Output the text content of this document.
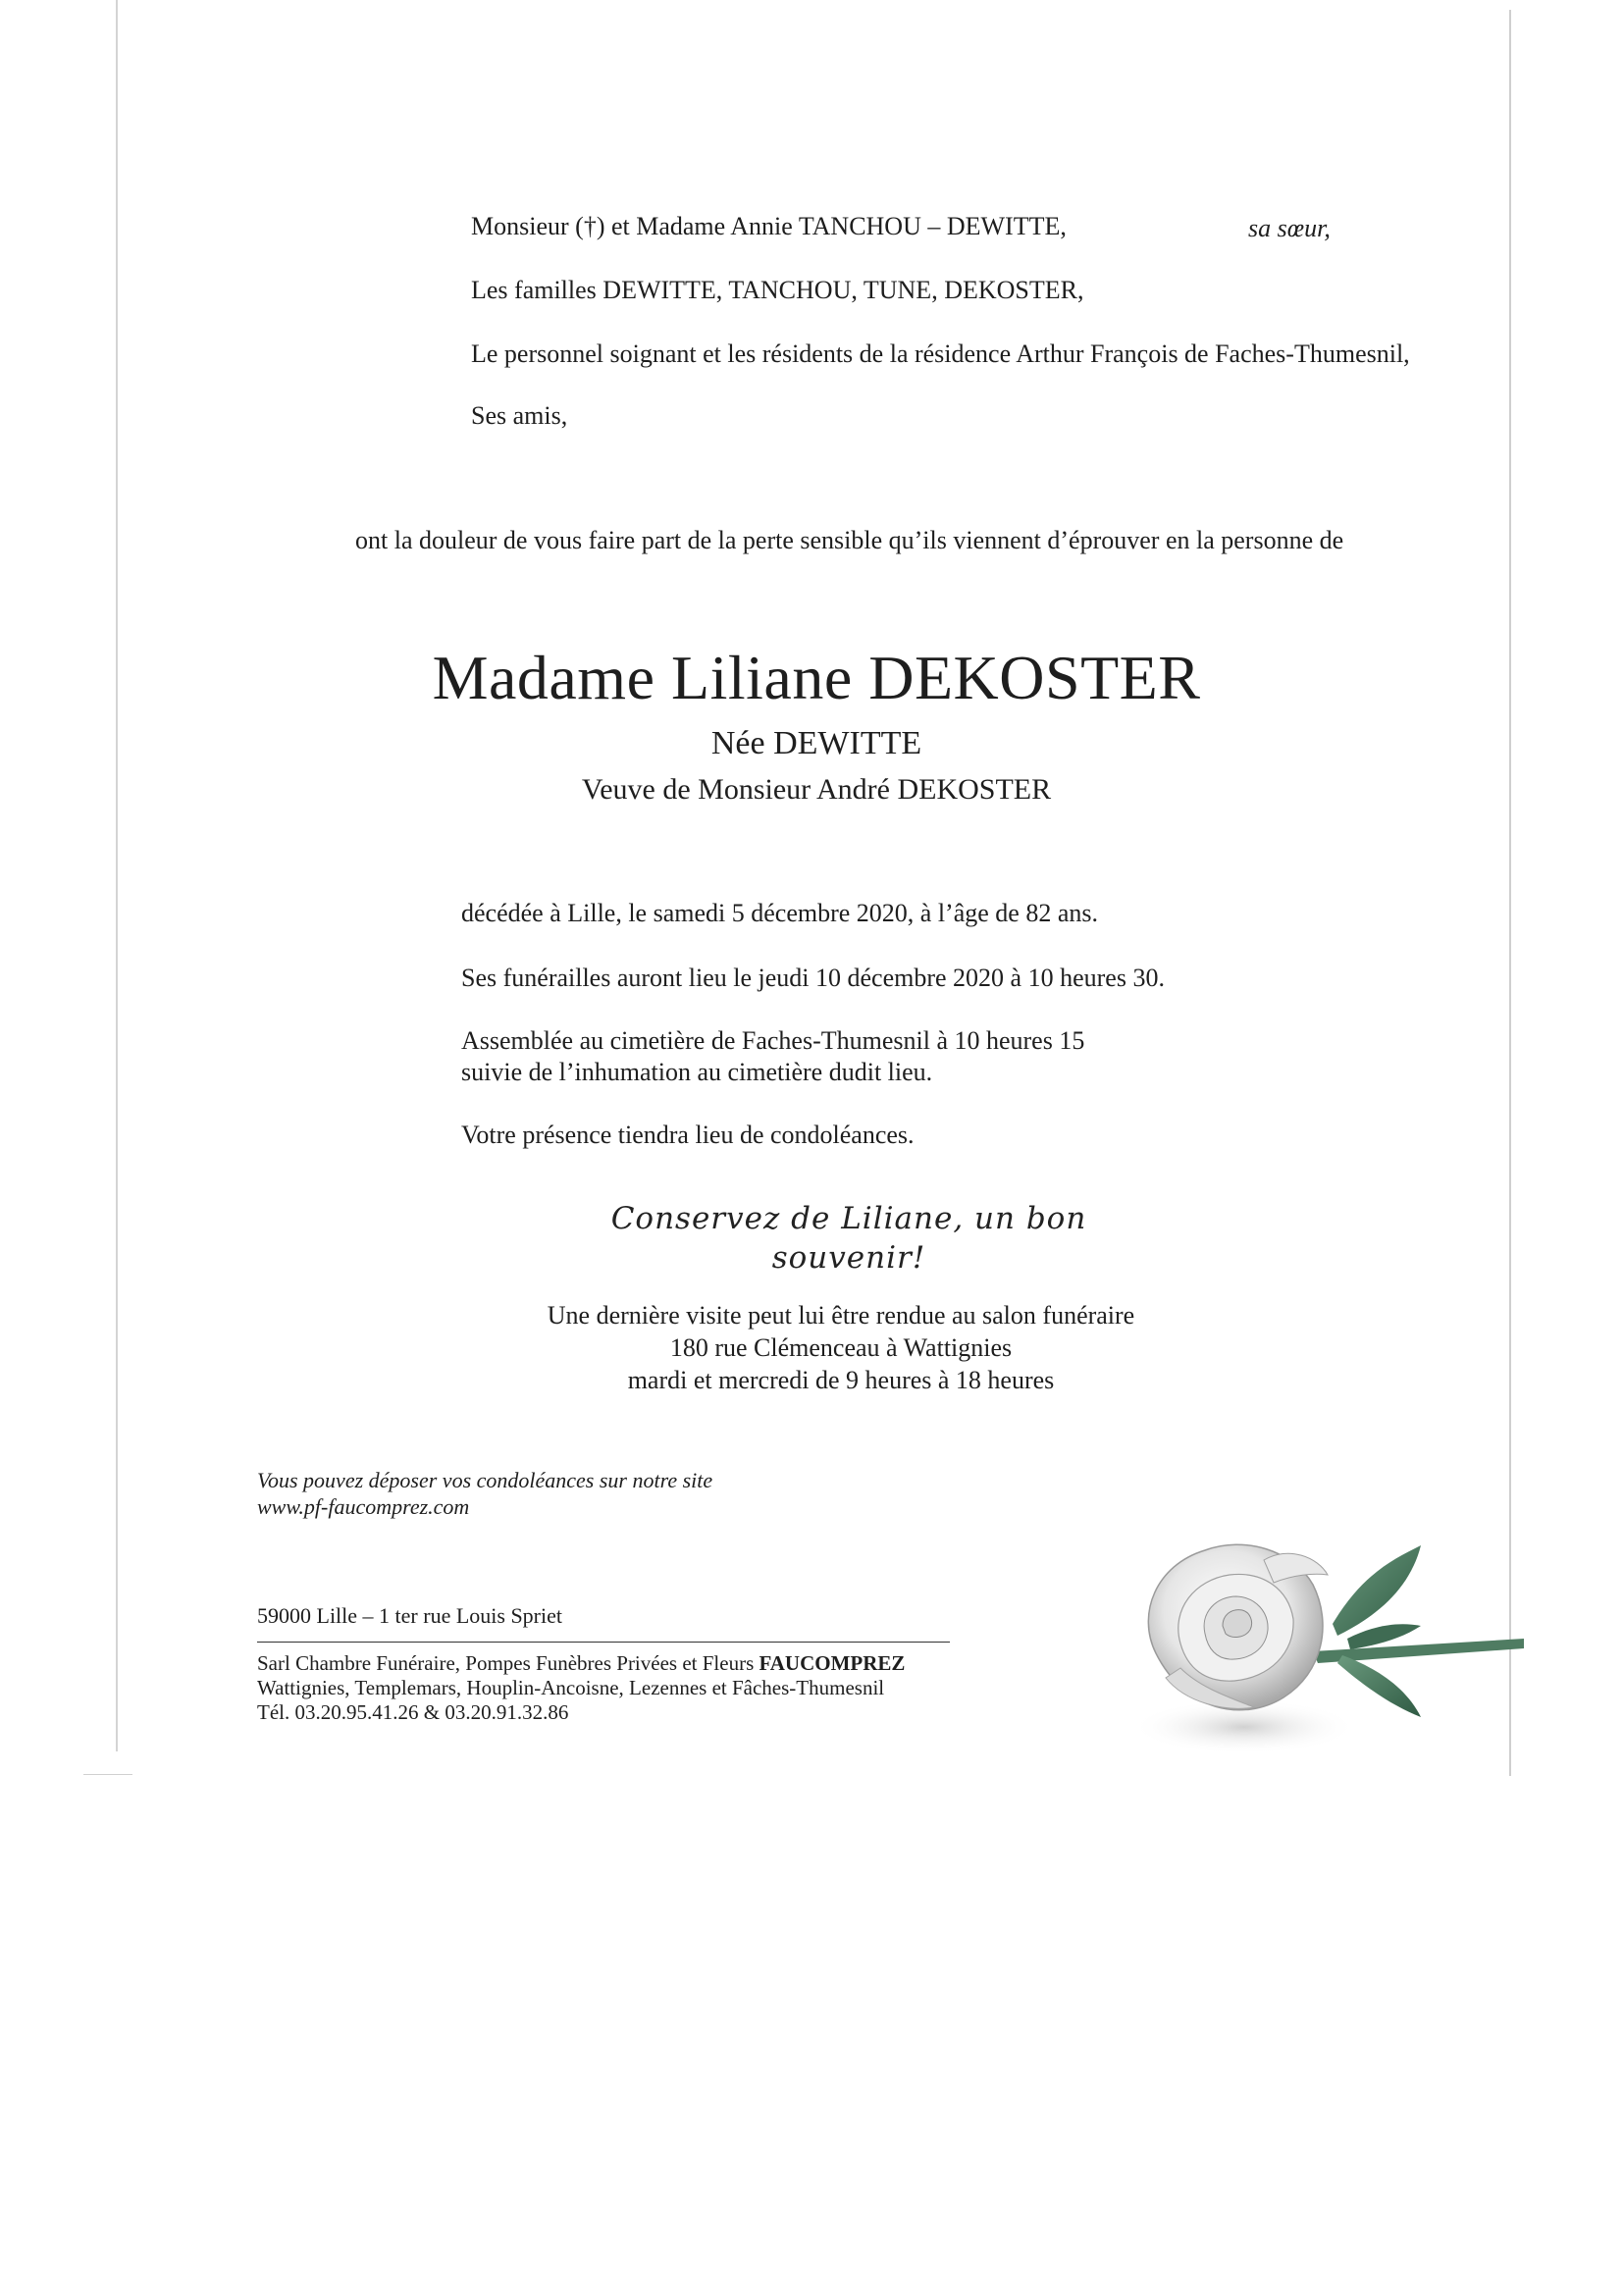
Monsieur (†) et Madame Annie TANCHOU – DEWITTE,	sa sœur,
Les familles DEWITTE, TANCHOU, TUNE, DEKOSTER,
Le personnel soignant et les résidents de la résidence Arthur François de Faches-Thumesnil,
Ses amis,
ont la douleur de vous faire part de la perte sensible qu’ils viennent d’éprouver en la personne de
Madame Liliane DEKOSTER
Née DEWITTE
Veuve de Monsieur André DEKOSTER
décédée à Lille, le samedi 5 décembre 2020, à l’âge de 82 ans.
Ses funérailles auront lieu le jeudi 10 décembre 2020 à 10 heures 30.
Assemblée au cimetière de Faches-Thumesnil à 10 heures 15
suivie de l’inhumation au cimetière dudit lieu.
Votre présence tiendra lieu de condoléances.
Conservez de Liliane, un bon souvenir!
Une dernière visite peut lui être rendue au salon funéraire
180 rue Clémenceau à Wattignies
mardi et mercredi de 9 heures à 18 heures
Vous pouvez déposer vos condoléances sur notre site
www.pf-faucomprez.com
59000 Lille – 1 ter rue Louis Spriet
Sarl Chambre Funéraire, Pompes Funèbres Privées et Fleurs FAUCOMPREZ
Wattignies, Templemars, Houplin-Ancoisne, Lezennes et Fâches-Thumesnil
Tél. 03.20.95.41.26 & 03.20.91.32.86
